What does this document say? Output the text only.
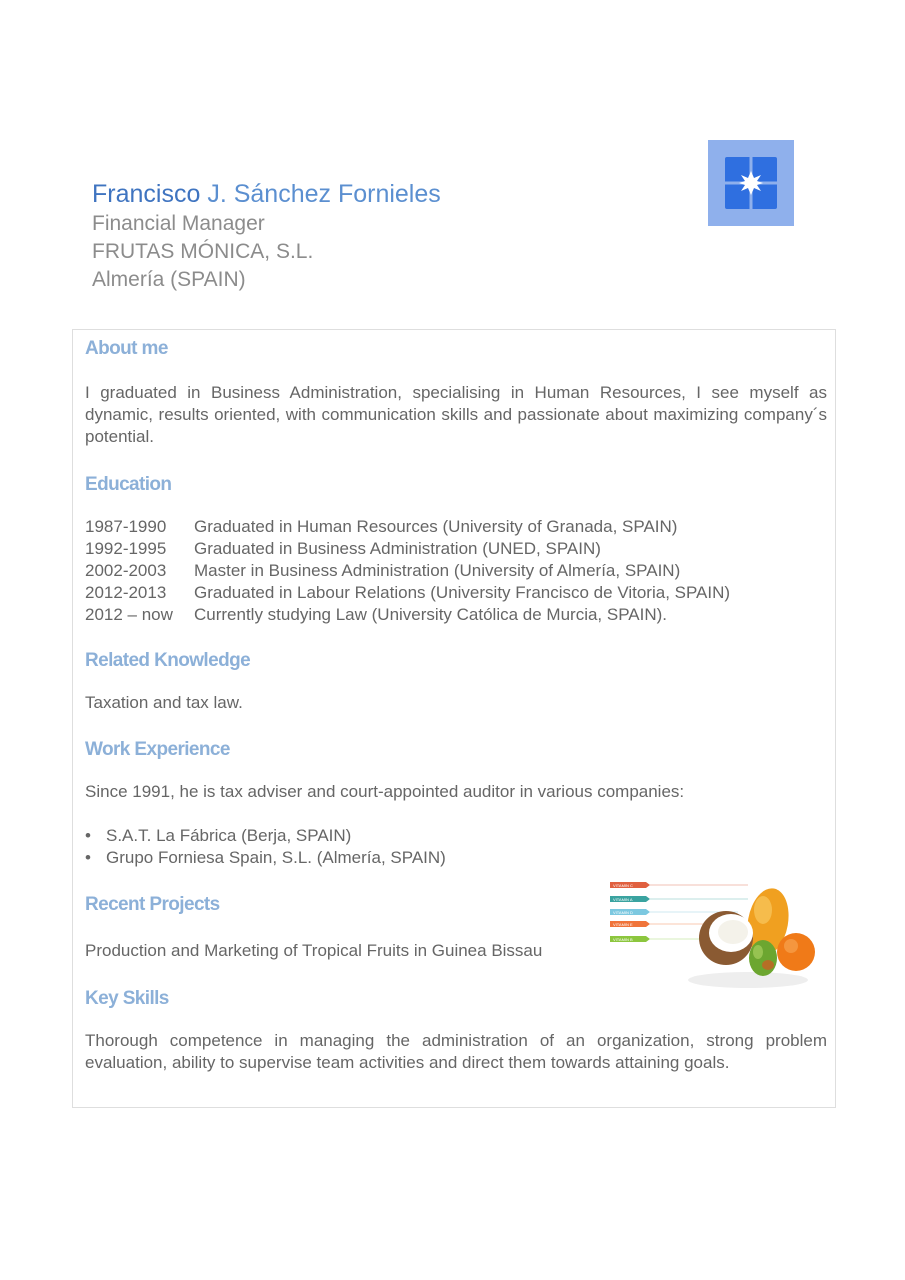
Francisco J. Sánchez Fornieles

Financial Manager

FRUTAS MÓNICA, S.L.

Almería (SPAIN)

About me

I graduated in Business Administration, specialising in Human Resources, I see myself as dynamic, results oriented, with communication skills and passionate about maximizing company´s potential.

Education
1987-1990	Graduated in Human Resources (University of Granada, SPAIN)
1992-1995	Graduated in Business Administration (UNED, SPAIN)
2002-2003	Master in Business Administration (University of Almería, SPAIN)
2012-2013	Graduated in Labour Relations (University Francisco de Vitoria, SPAIN)
2012 – now	Currently studying Law (University Católica de Murcia, SPAIN).
Related Knowledge

Taxation and tax law.

Work Experience

Since 1991, he is tax adviser and court-appointed auditor in various companies:

• S.A.T. La Fábrica (Berja, SPAIN)
• Grupo Forniesa Spain, S.L. (Almería, SPAIN)
Recent Projects

Production and Marketing of Tropical Fruits in Guinea Bissau

Key Skills

Thorough competence in managing the administration of an organization, strong problem evaluation, ability to supervise team activities and direct them towards attaining goals.

VITAMIN C
VITAMIN A
VITAMIN D
VITAMIN E
VITAMIN B
